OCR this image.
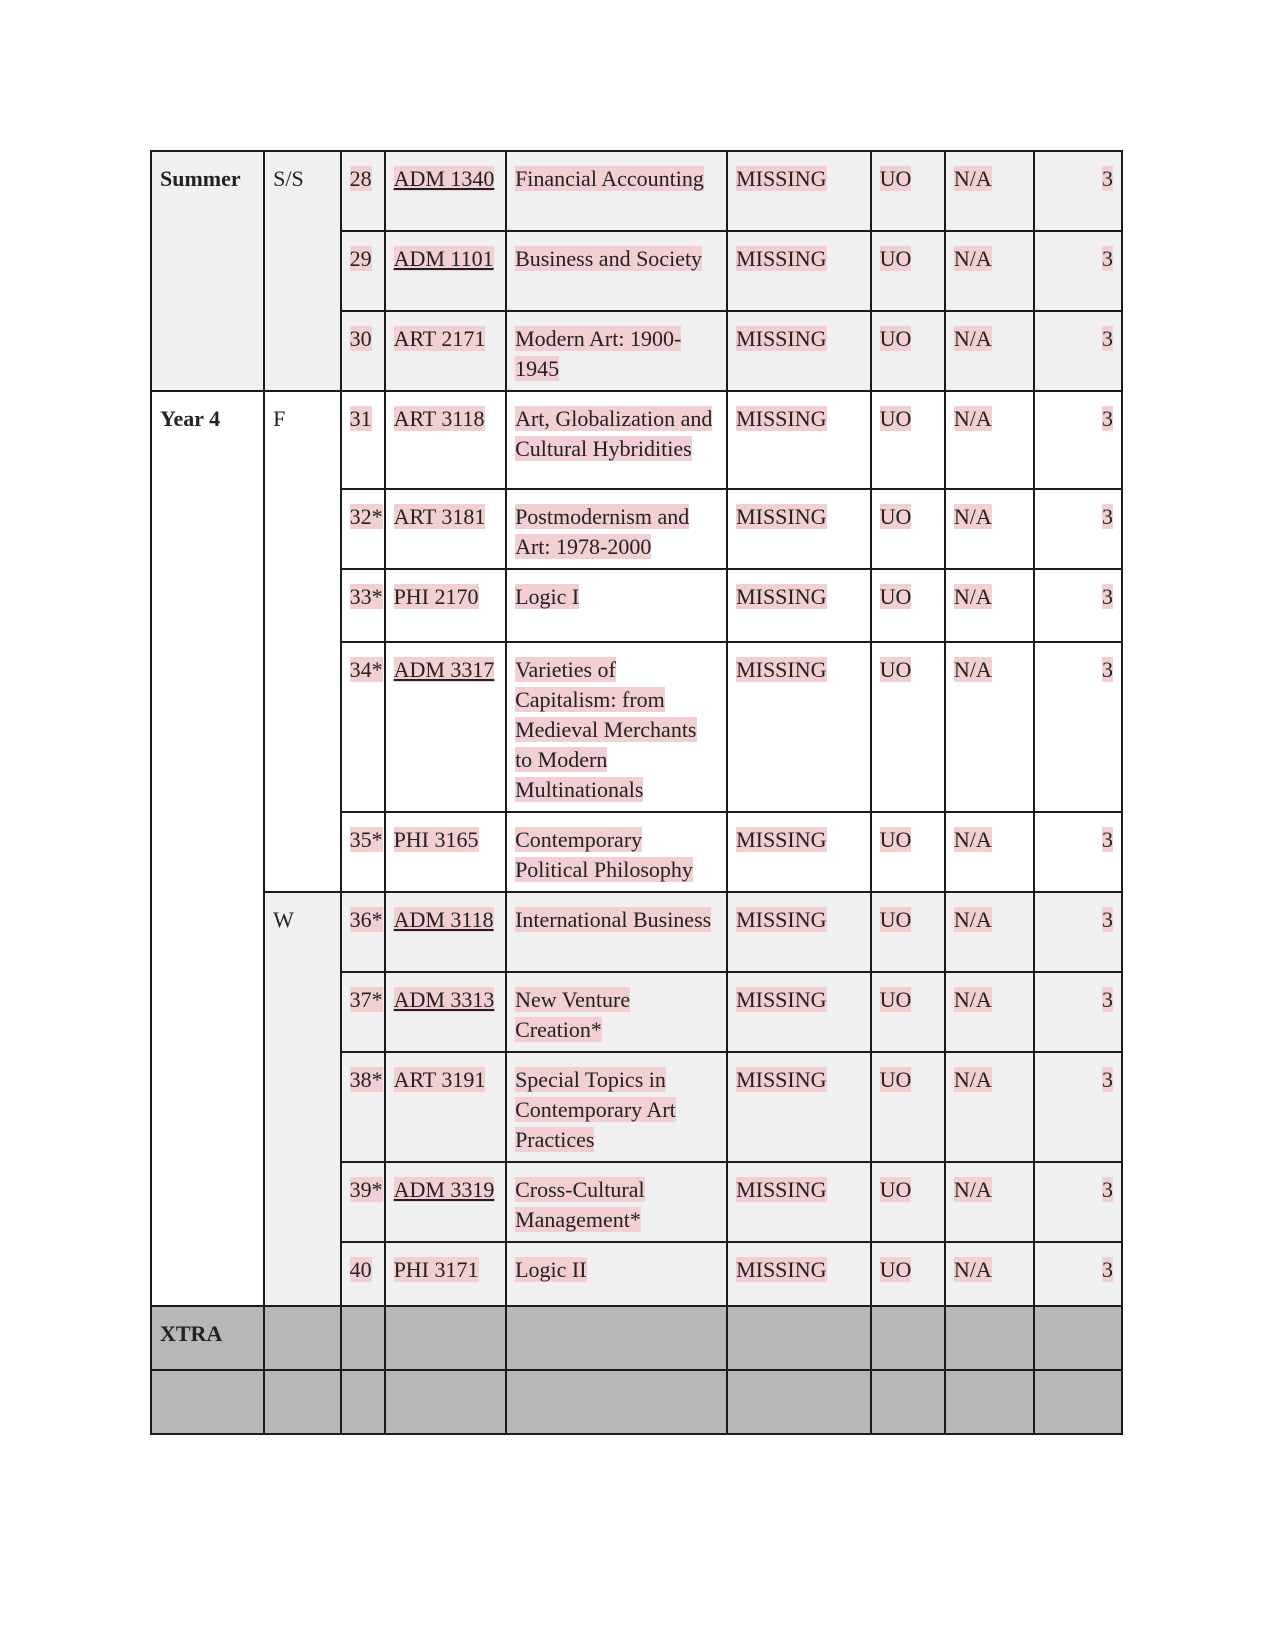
Summer	S/S	28	ADM 1340	Financial Accounting	MISSING	UO	N/A	3
		29	ADM 1101	Business and Society	MISSING	UO	N/A	3
		30	ART 2171	Modern Art: 1900-1945	MISSING	UO	N/A	3
Year 4	F	31	ART 3118	Art, Globalization and Cultural Hybridities	MISSING	UO	N/A	3
		32*	ART 3181	Postmodernism and Art: 1978-2000	MISSING	UO	N/A	3
		33*	PHI 2170	Logic I	MISSING	UO	N/A	3
		34*	ADM 3317	Varieties of Capitalism: from Medieval Merchants to Modern Multinationals	MISSING	UO	N/A	3
		35*	PHI 3165	Contemporary Political Philosophy	MISSING	UO	N/A	3
	W	36*	ADM 3118	International Business	MISSING	UO	N/A	3
		37*	ADM 3313	New Venture Creation*	MISSING	UO	N/A	3
		38*	ART 3191	Special Topics in Contemporary Art Practices	MISSING	UO	N/A	3
		39*	ADM 3319	Cross-Cultural Management*	MISSING	UO	N/A	3
		40	PHI 3171	Logic II	MISSING	UO	N/A	3
XTRA								
